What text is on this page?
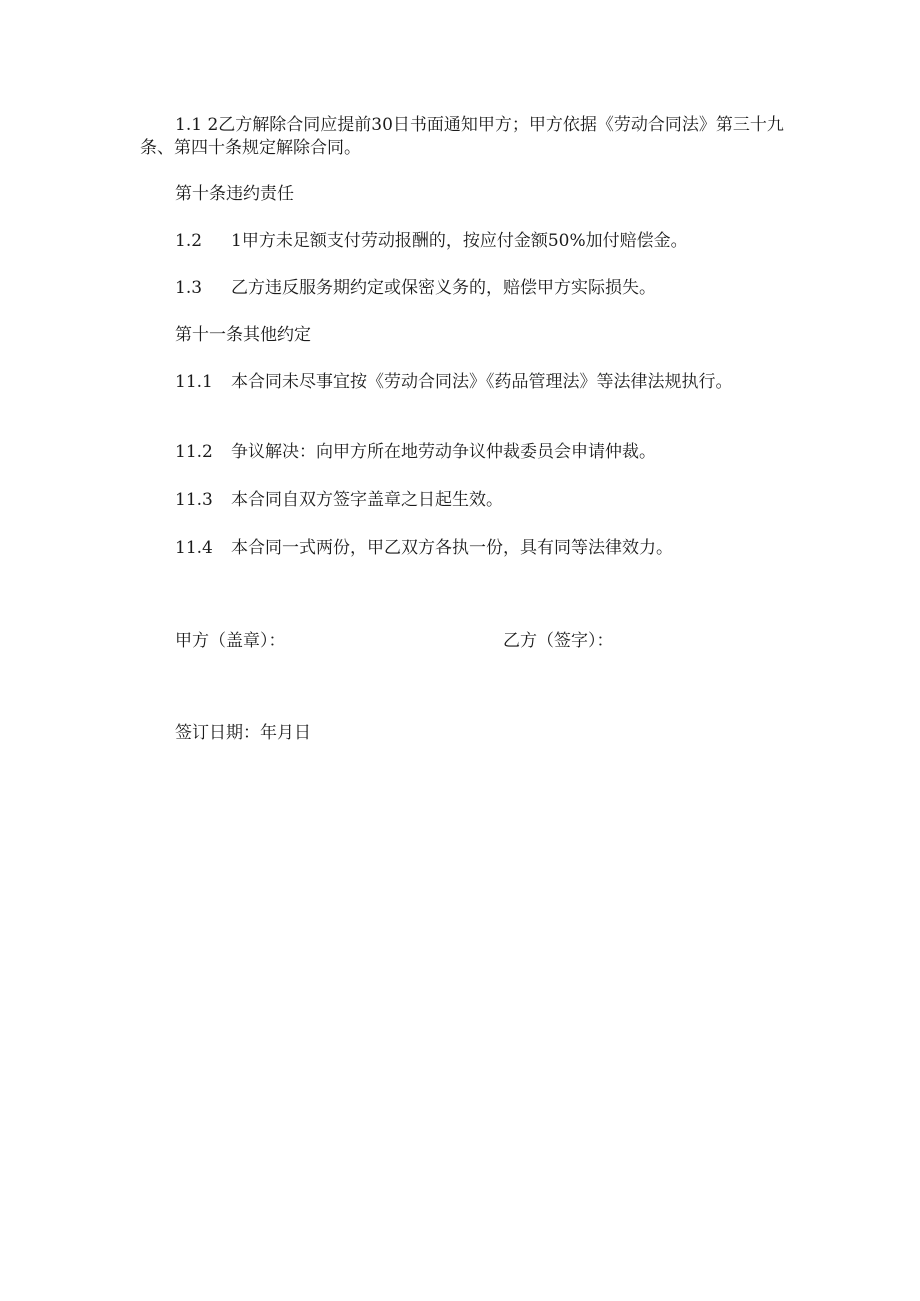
1.1 2乙方解除合同应提前30日书面通知甲方；甲方依据《劳动合同法》第三十九条、第四十条规定解除合同。

第十条违约责任

1.2 1甲方未足额支付劳动报酬的，按应付金额50%加付赔偿金。

1.3 乙方违反服务期约定或保密义务的，赔偿甲方实际损失。

第十一条其他约定

11.1 本合同未尽事宜按《劳动合同法》《药品管理法》等法律法规执行。

11.2 争议解决：向甲方所在地劳动争议仲裁委员会申请仲裁。

11.3 本合同自双方签字盖章之日起生效。

11.4 本合同一式两份，甲乙双方各执一份，具有同等法律效力。

甲方（盖章）：	乙方（签字）：
签订日期：年月日
